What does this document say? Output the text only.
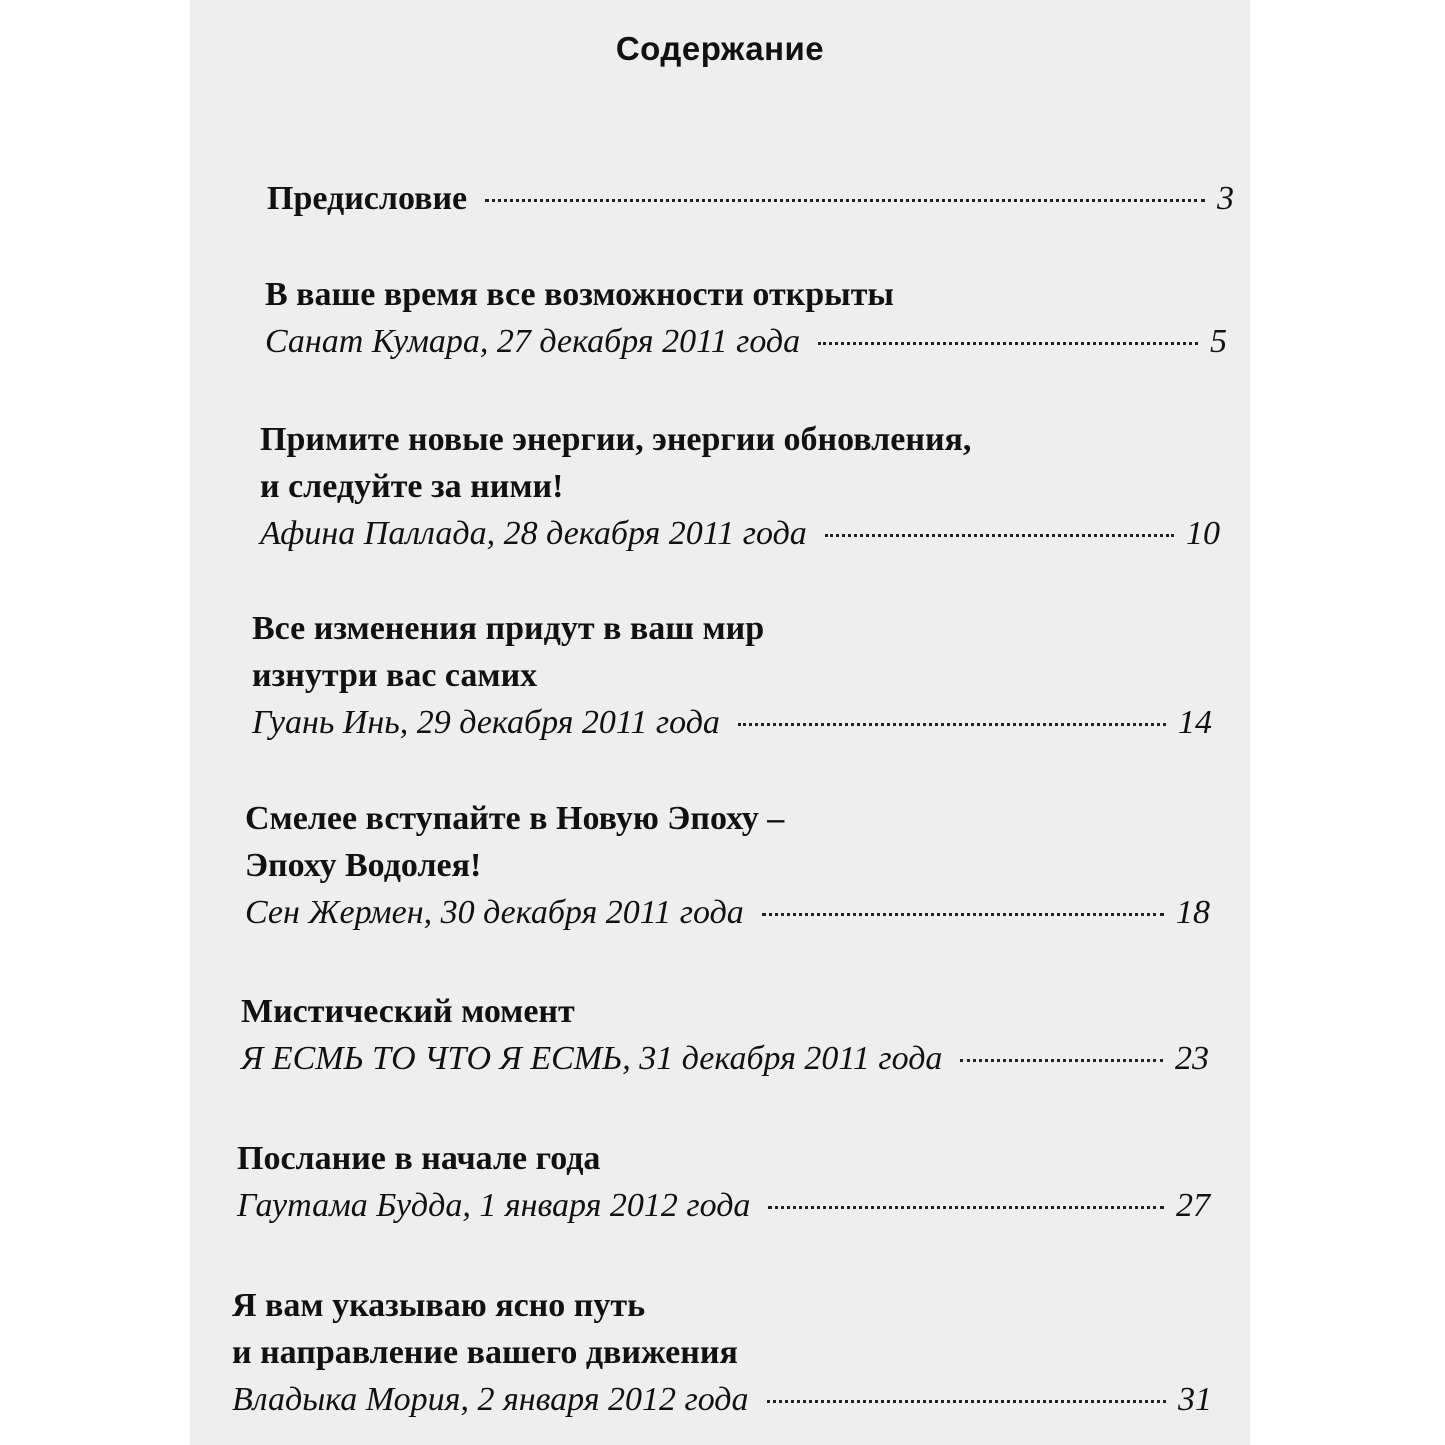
Содержание
Предисловие	3
В ваше время все возможности открыты
Санат Кумара, 27 декабря 2011 года	5
Примите новые энергии, энергии обновления,
и следуйте за ними!
Афина Паллада, 28 декабря 2011 года	10
Все изменения придут в ваш мир
изнутри вас самих
Гуань Инь, 29 декабря 2011 года	14
Смелее вступайте в Новую Эпоху –
Эпоху Водолея!
Сен Жермен, 30 декабря 2011 года	18
Мистический момент
Я ЕСМЬ ТО ЧТО Я ЕСМЬ, 31 декабря 2011 года	23
Послание в начале года
Гаутама Будда, 1 января 2012 года	27
Я вам указываю ясно путь
и направление вашего движения
Владыка Мория, 2 января 2012 года	31
